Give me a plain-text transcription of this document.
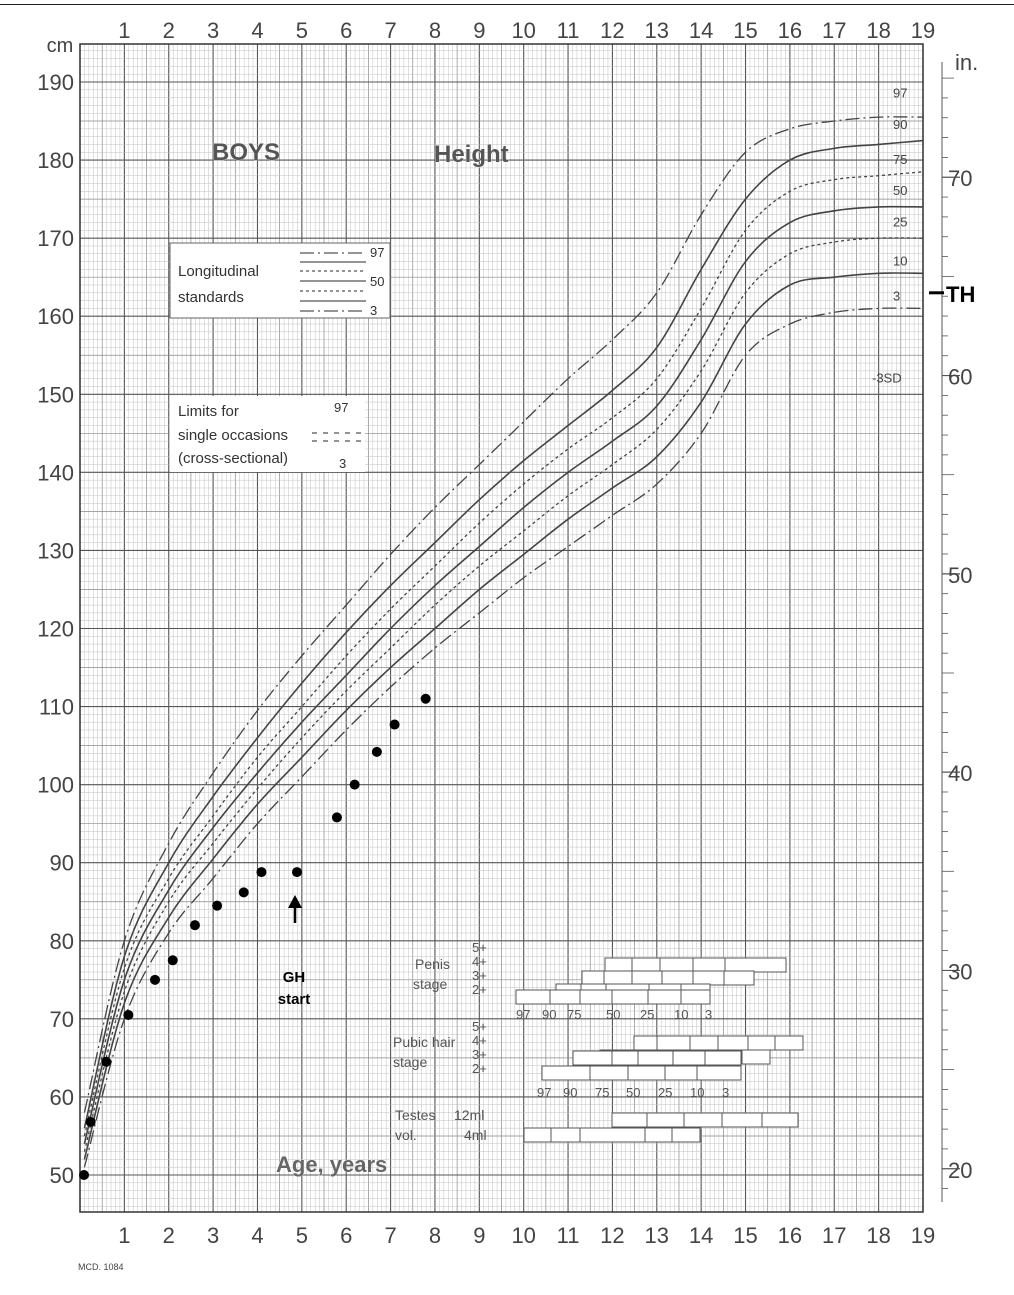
1
1
2
2
3
3
4
4
5
5
6
6
7
7
8
8
9
9
10
10
11
11
12
12
13
13
14
14
15
15
16
16
17
17
18
18
19
19
50
60
70
80
90
100
110
120
130
140
150
160
170
180
190
cm
20
30
40
50
60
70
in.
BOYS	Height
Age, years
MCD. 1084
97
90
75
50
25
10
3
-3SD
Longitudinal
standards
97
50
3
Limits for
single occasions
(cross-sectional)
97
3
GH
start
TH
Penis
stage
5+
4+
3+
2+
97 90 75 50 25 10 3
Pubic hair
stage
5+
4+
3+
2+
97 90 75 50 25 10 3
Testes
vol.
12ml
4ml
